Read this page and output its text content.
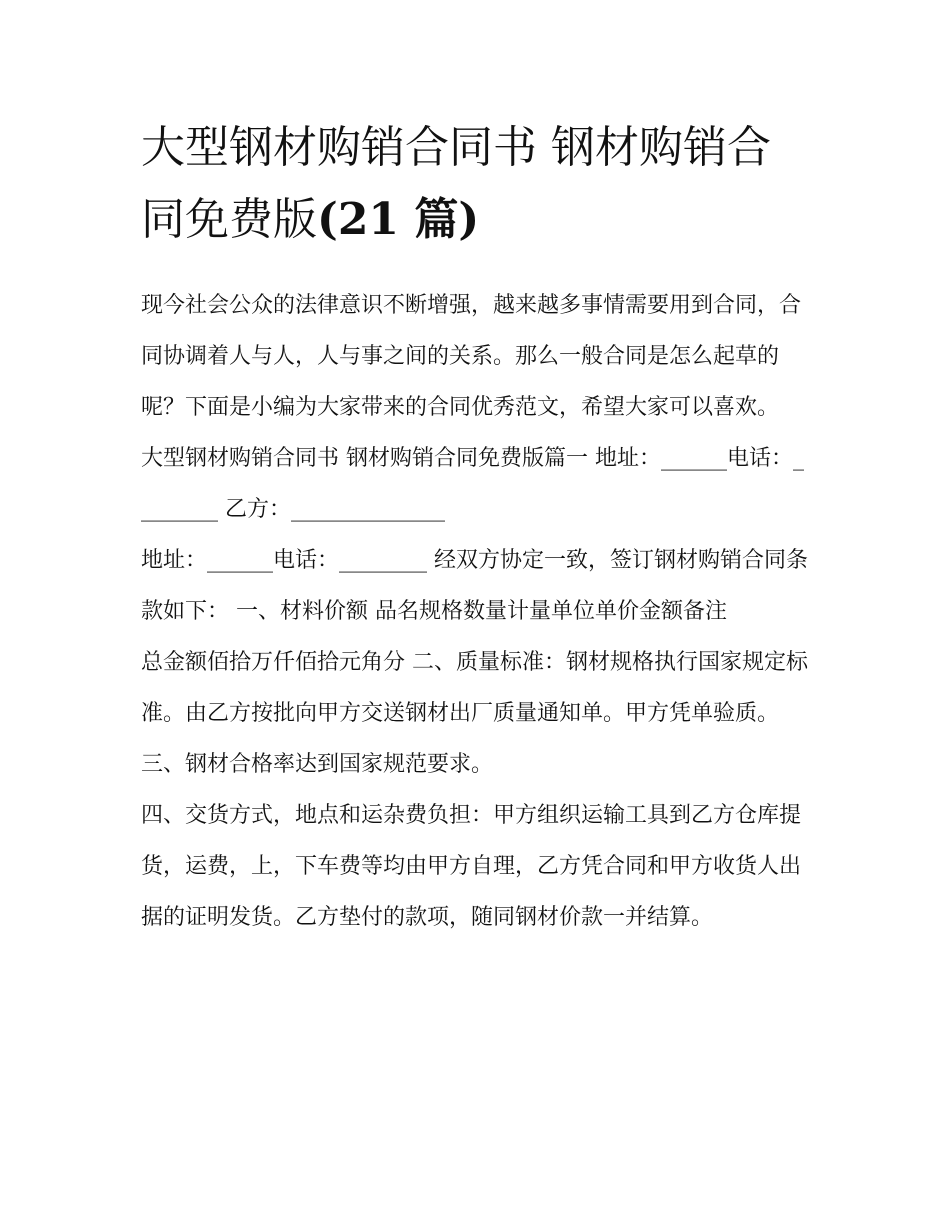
大型钢材购销合同书 钢材购销合同免费版(21 篇)

现今社会公众的法律意识不断增强，越来越多事情需要用到合同，合同协调着人与人，人与事之间的关系。那么一般合同是怎么起草的呢？下面是小编为大家带来的合同优秀范文，希望大家可以喜欢。

大型钢材购销合同书 钢材购销合同免费版篇一 地址：______电话：________ 乙方：______________

地址：______电话：________ 经双方协定一致，签订钢材购销合同条款如下： 一、材料价额 品名规格数量计量单位单价金额备注

总金额佰拾万仟佰拾元角分 二、质量标准：钢材规格执行国家规定标准。由乙方按批向甲方交送钢材出厂质量通知单。甲方凭单验质。 三、钢材合格率达到国家规范要求。

四、交货方式，地点和运杂费负担：甲方组织运输工具到乙方仓库提货，运费，上，下车费等均由甲方自理，乙方凭合同和甲方收货人出据的证明发货。乙方垫付的款项，随同钢材价款一并结算。
